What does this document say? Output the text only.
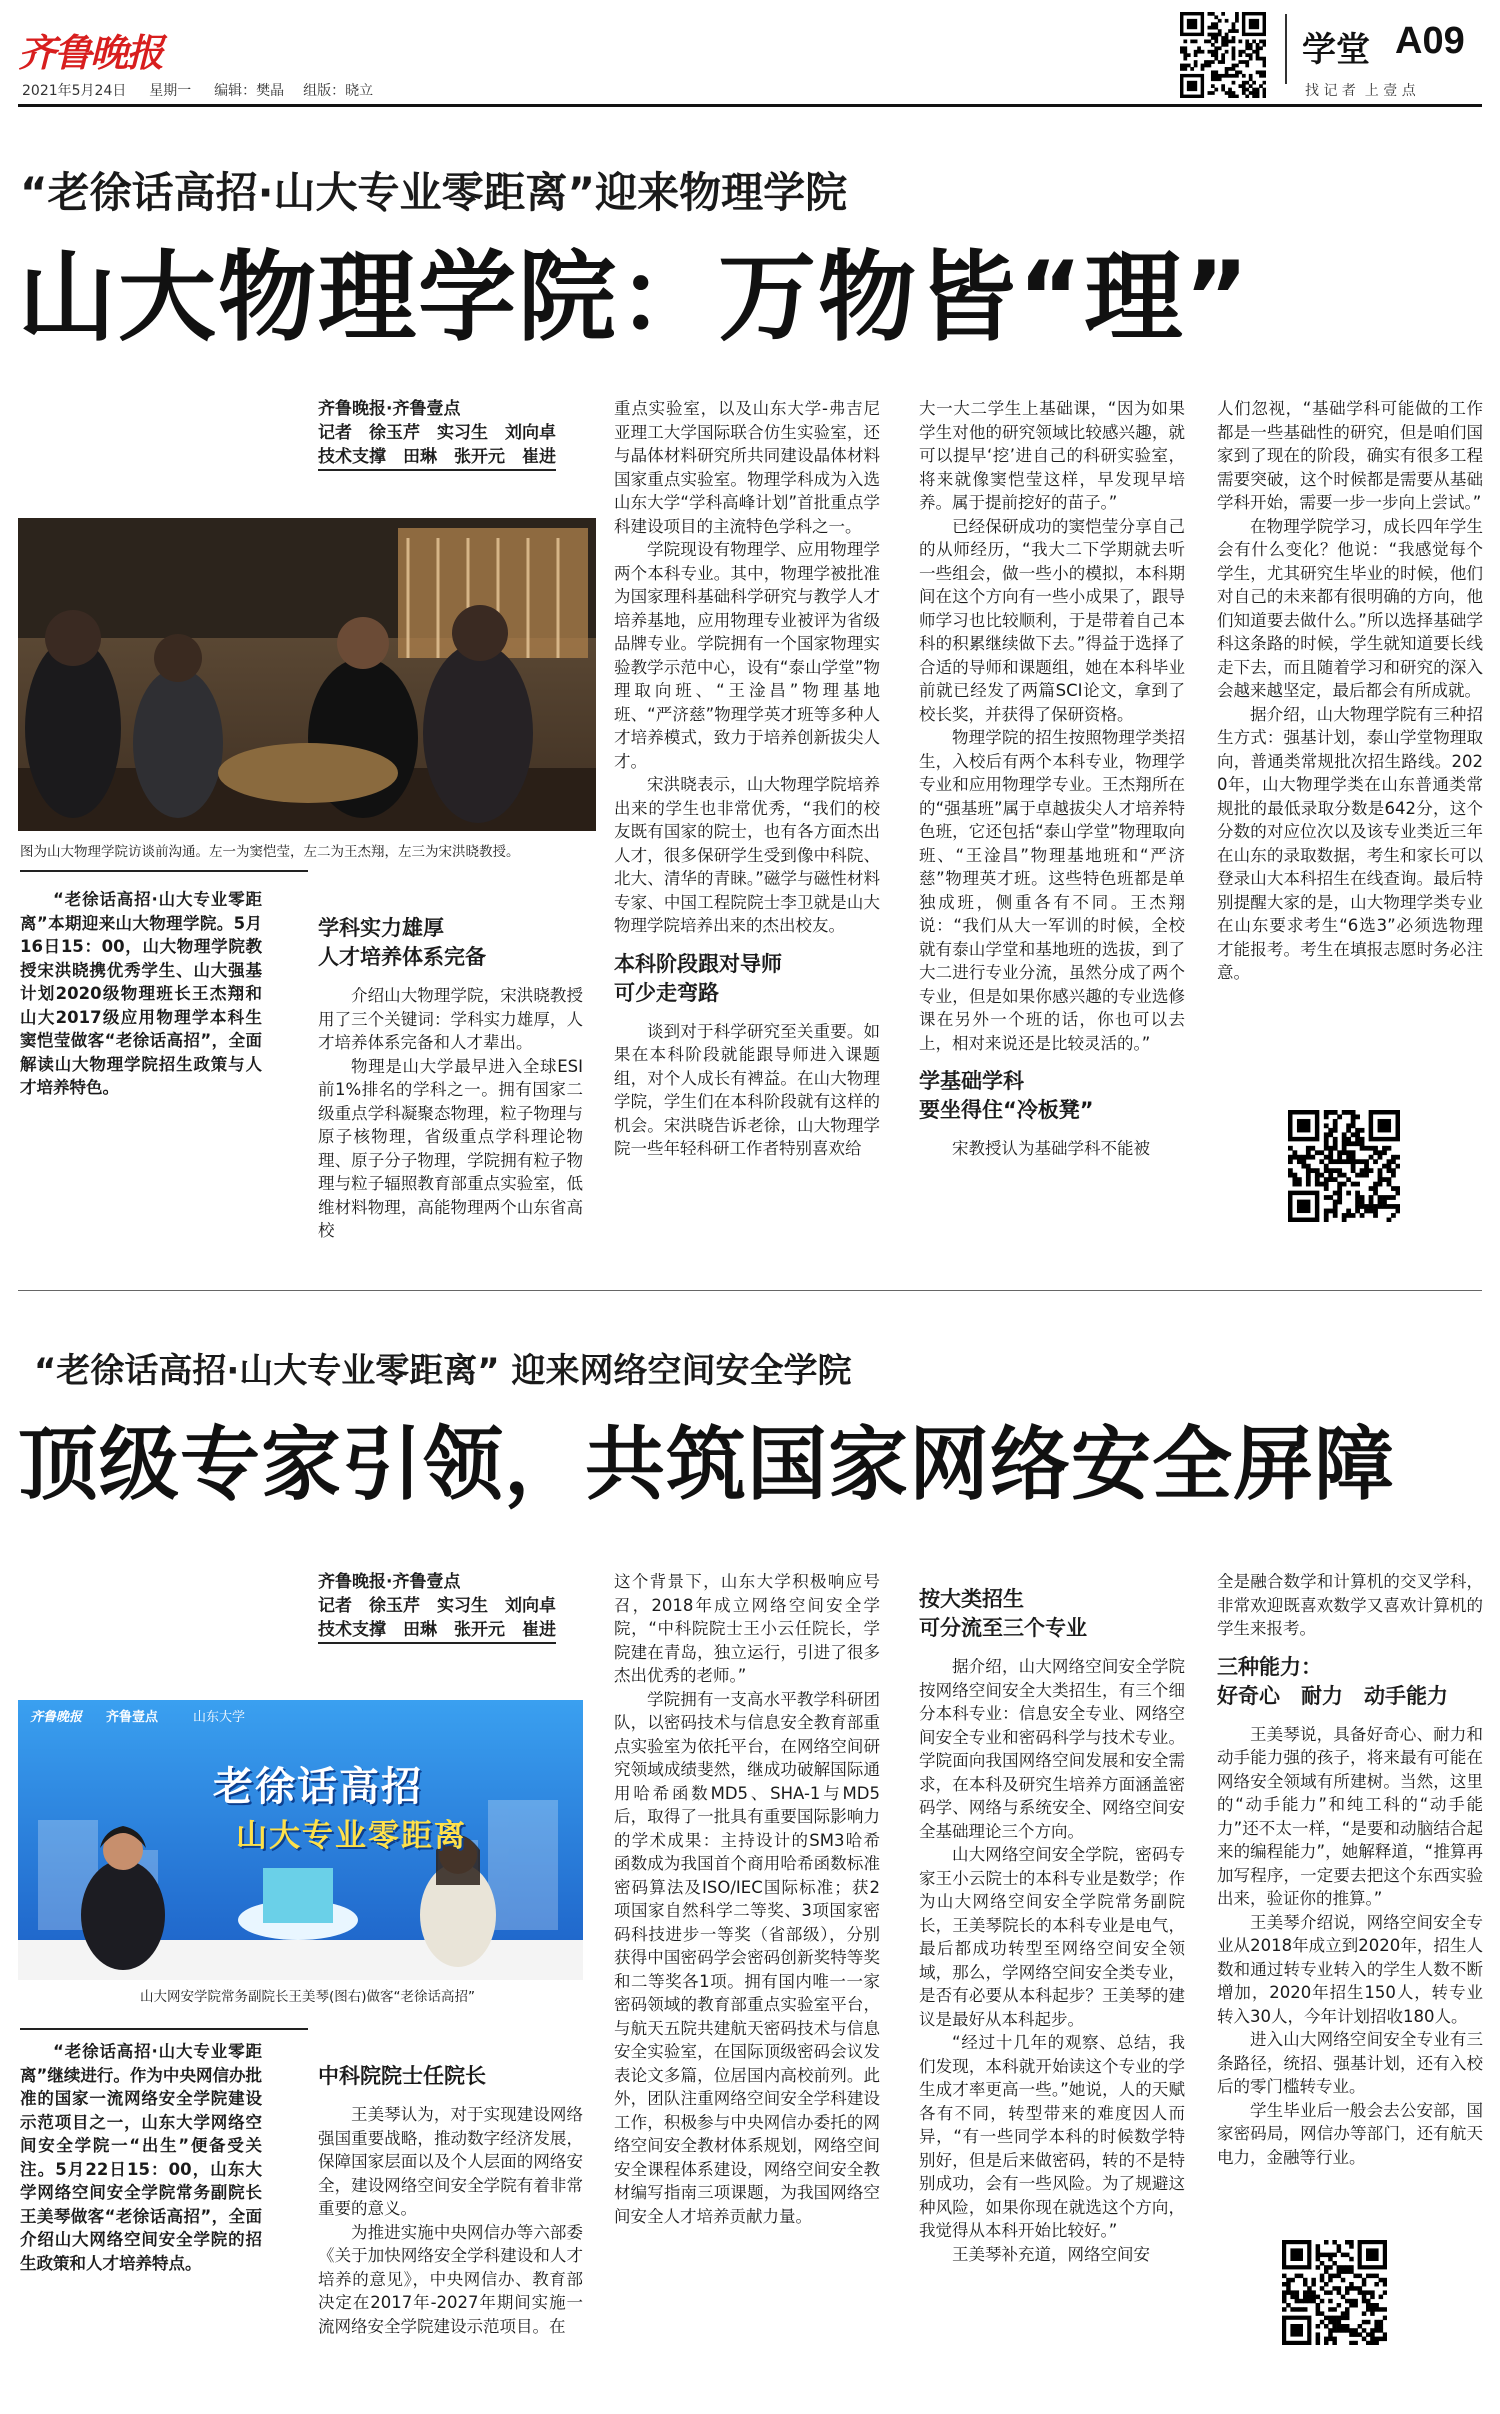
齐鲁晚报
2021年5月24日 星期一 编辑：樊晶 组版：晓立
学堂 A09
找 记 者  上 壹 点
“老徐话高招·山大专业零距离”迎来物理学院
山大物理学院：万物皆“理”
齐鲁晚报·齐鲁壹点
记者　徐玉芹　实习生　刘向卓
技术支撑　田琳　张开元　崔进
图为山大物理学院访谈前沟通。左一为窦恺莹，左二为王杰翔，左三为宋洪晓教授。

“老徐话高招·山大专业零距离”本期迎来山大物理学院。5月16日15：00，山大物理学院教授宋洪晓携优秀学生、山大强基计划2020级物理班长王杰翔和山大2017级应用物理学本科生窦恺莹做客“老徐话高招”，全面解读山大物理学院招生政策与人才培养特色。

学科实力雄厚
人才培养体系完备

介绍山大物理学院，宋洪晓教授用了三个关键词：学科实力雄厚，人才培养体系完备和人才辈出。

物理是山大学最早进入全球ESI前1%排名的学科之一。拥有国家二级重点学科凝聚态物理，粒子物理与原子核物理，省级重点学科理论物理、原子分子物理，学院拥有粒子物理与粒子辐照教育部重点实验室，低维材料物理，高能物理两个山东省高校

重点实验室，以及山东大学-弗吉尼亚理工大学国际联合仿生实验室，还与晶体材料研究所共同建设晶体材料国家重点实验室。物理学科成为入选山东大学“学科高峰计划”首批重点学科建设项目的主流特色学科之一。

学院现设有物理学、应用物理学两个本科专业。其中，物理学被批准为国家理科基础科学研究与教学人才培养基地，应用物理专业被评为省级品牌专业。学院拥有一个国家物理实验教学示范中心，设有“泰山学堂”物理取向班、“王淦昌”物理基地班、“严济慈”物理学英才班等多种人才培养模式，致力于培养创新拔尖人才。

宋洪晓表示，山大物理学院培养出来的学生也非常优秀，“我们的校友既有国家的院士，也有各方面杰出人才，很多保研学生受到像中科院、北大、清华的青睐。”磁学与磁性材料专家、中国工程院院士李卫就是山大物理学院培养出来的杰出校友。

本科阶段跟对导师
可少走弯路

谈到对于科学研究至关重要。如果在本科阶段就能跟导师进入课题组，对个人成长有裨益。在山大物理学院，学生们在本科阶段就有这样的机会。宋洪晓告诉老徐，山大物理学院一些年轻科研工作者特别喜欢给

大一大二学生上基础课，“因为如果学生对他的研究领域比较感兴趣，就可以提早‘挖’进自己的科研实验室，将来就像窦恺莹这样，早发现早培养。属于提前挖好的苗子。”

已经保研成功的窦恺莹分享自己的从师经历，“我大二下学期就去听一些组会，做一些小的模拟，本科期间在这个方向有一些小成果了，跟导师学习也比较顺利，于是带着自己本科的积累继续做下去。”得益于选择了合适的导师和课题组，她在本科毕业前就已经发了两篇SCI论文，拿到了校长奖，并获得了保研资格。

物理学院的招生按照物理学类招生，入校后有两个本科专业，物理学专业和应用物理学专业。王杰翔所在的“强基班”属于卓越拔尖人才培养特色班，它还包括“泰山学堂”物理取向班、“王淦昌”物理基地班和“严济慈”物理英才班。这些特色班都是单独成班，侧重各有不同。王杰翔说：“我们从大一军训的时候，全校就有泰山学堂和基地班的选拔，到了大二进行专业分流，虽然分成了两个专业，但是如果你感兴趣的专业选修课在另外一个班的话，你也可以去上，相对来说还是比较灵活的。”

学基础学科
要坐得住“冷板凳”

宋教授认为基础学科不能被

人们忽视，“基础学科可能做的工作都是一些基础性的研究，但是咱们国家到了现在的阶段，确实有很多工程需要突破，这个时候都是需要从基础学科开始，需要一步一步向上尝试。”

在物理学院学习，成长四年学生会有什么变化？他说：“我感觉每个学生，尤其研究生毕业的时候，他们对自己的未来都有很明确的方向，他们知道要去做什么。”所以选择基础学科这条路的时候，学生就知道要长线走下去，而且随着学习和研究的深入会越来越坚定，最后都会有所成就。

据介绍，山大物理学院有三种招生方式：强基计划，泰山学堂物理取向，普通类常规批次招生路线。2020年，山大物理学类在山东普通类常规批的最低录取分数是642分，这个分数的对应位次以及该专业类近三年在山东的录取数据，考生和家长可以登录山大本科招生在线查询。最后特别提醒大家的是，山大物理学类专业在山东要求考生“6选3”必须选物理才能报考。考生在填报志愿时务必注意。

“老徐话高招·山大专业零距离” 迎来网络空间安全学院
顶级专家引领，共筑国家网络安全屏障
齐鲁晚报·齐鲁壹点
记者　徐玉芹　实习生　刘向卓
技术支撑　田琳　张开元　崔进
齐鲁晚报 齐鲁壹点	山东大学
老徐话高招
山大专业零距离
山大网安学院常务副院长王美琴(图右)做客“老徐话高招”

“老徐话高招·山大专业零距离”继续进行。作为中央网信办批准的国家一流网络安全学院建设示范项目之一，山东大学网络空间安全学院一“出生”便备受关注。5月22日15：00，山东大学网络空间安全学院常务副院长王美琴做客“老徐话高招”，全面介绍山大网络空间安全学院的招生政策和人才培养特点。

中科院院士任院长

王美琴认为，对于实现建设网络强国重要战略，推动数字经济发展，保障国家层面以及个人层面的网络安全，建设网络空间安全学院有着非常重要的意义。

为推进实施中央网信办等六部委《关于加快网络安全学科建设和人才培养的意见》，中央网信办、教育部决定在2017年-2027年期间实施一流网络安全学院建设示范项目。在

这个背景下，山东大学积极响应号召，2018年成立网络空间安全学院，“中科院院士王小云任院长，学院建在青岛，独立运行，引进了很多杰出优秀的老师。”

学院拥有一支高水平教学科研团队，以密码技术与信息安全教育部重点实验室为依托平台，在网络空间研究领域成绩斐然，继成功破解国际通用哈希函数MD5、SHA-1与MD5后，取得了一批具有重要国际影响力的学术成果：主持设计的SM3哈希函数成为我国首个商用哈希函数标准密码算法及ISO/IEC国际标准；获2项国家自然科学二等奖、3项国家密码科技进步一等奖（省部级），分别获得中国密码学会密码创新奖特等奖和二等奖各1项。拥有国内唯一一家密码领域的教育部重点实验室平台，与航天五院共建航天密码技术与信息安全实验室，在国际顶级密码会议发表论文多篇，位居国内高校前列。此外，团队注重网络空间安全学科建设工作，积极参与中央网信办委托的网络空间安全教材体系规划，网络空间安全课程体系建设，网络空间安全教材编写指南三项课题，为我国网络空间安全人才培养贡献力量。

按大类招生
可分流至三个专业

据介绍，山大网络空间安全学院按网络空间安全大类招生，有三个细分本科专业：信息安全专业、网络空间安全专业和密码科学与技术专业。学院面向我国网络空间发展和安全需求，在本科及研究生培养方面涵盖密码学、网络与系统安全、网络空间安全基础理论三个方向。

山大网络空间安全学院，密码专家王小云院士的本科专业是数学；作为山大网络空间安全学院常务副院长，王美琴院长的本科专业是电气，最后都成功转型至网络空间安全领域，那么，学网络空间安全类专业，是否有必要从本科起步？王美琴的建议是最好从本科起步。

“经过十几年的观察、总结，我们发现，本科就开始读这个专业的学生成才率更高一些。”她说，人的天赋各有不同，转型带来的难度因人而异，“有一些同学本科的时候数学特别好，但是后来做密码，转的不是特别成功，会有一些风险。为了规避这种风险，如果你现在就选这个方向，我觉得从本科开始比较好。”

王美琴补充道，网络空间安

全是融合数学和计算机的交叉学科，非常欢迎既喜欢数学又喜欢计算机的学生来报考。

三种能力：
好奇心　耐力　动手能力

王美琴说，具备好奇心、耐力和动手能力强的孩子，将来最有可能在网络安全领域有所建树。当然，这里的“动手能力”和纯工科的“动手能力”还不太一样，“是要和动脑结合起来的编程能力”，她解释道，“推算再加写程序，一定要去把这个东西实验出来，验证你的推算。”

王美琴介绍说，网络空间安全专业从2018年成立到2020年，招生人数和通过转专业转入的学生人数不断增加，2020年招生150人，转专业转入30人，今年计划招收180人。

进入山大网络空间安全专业有三条路径，统招、强基计划，还有入校后的零门槛转专业。

学生毕业后一般会去公安部，国家密码局，网信办等部门，还有航天电力，金融等行业。
